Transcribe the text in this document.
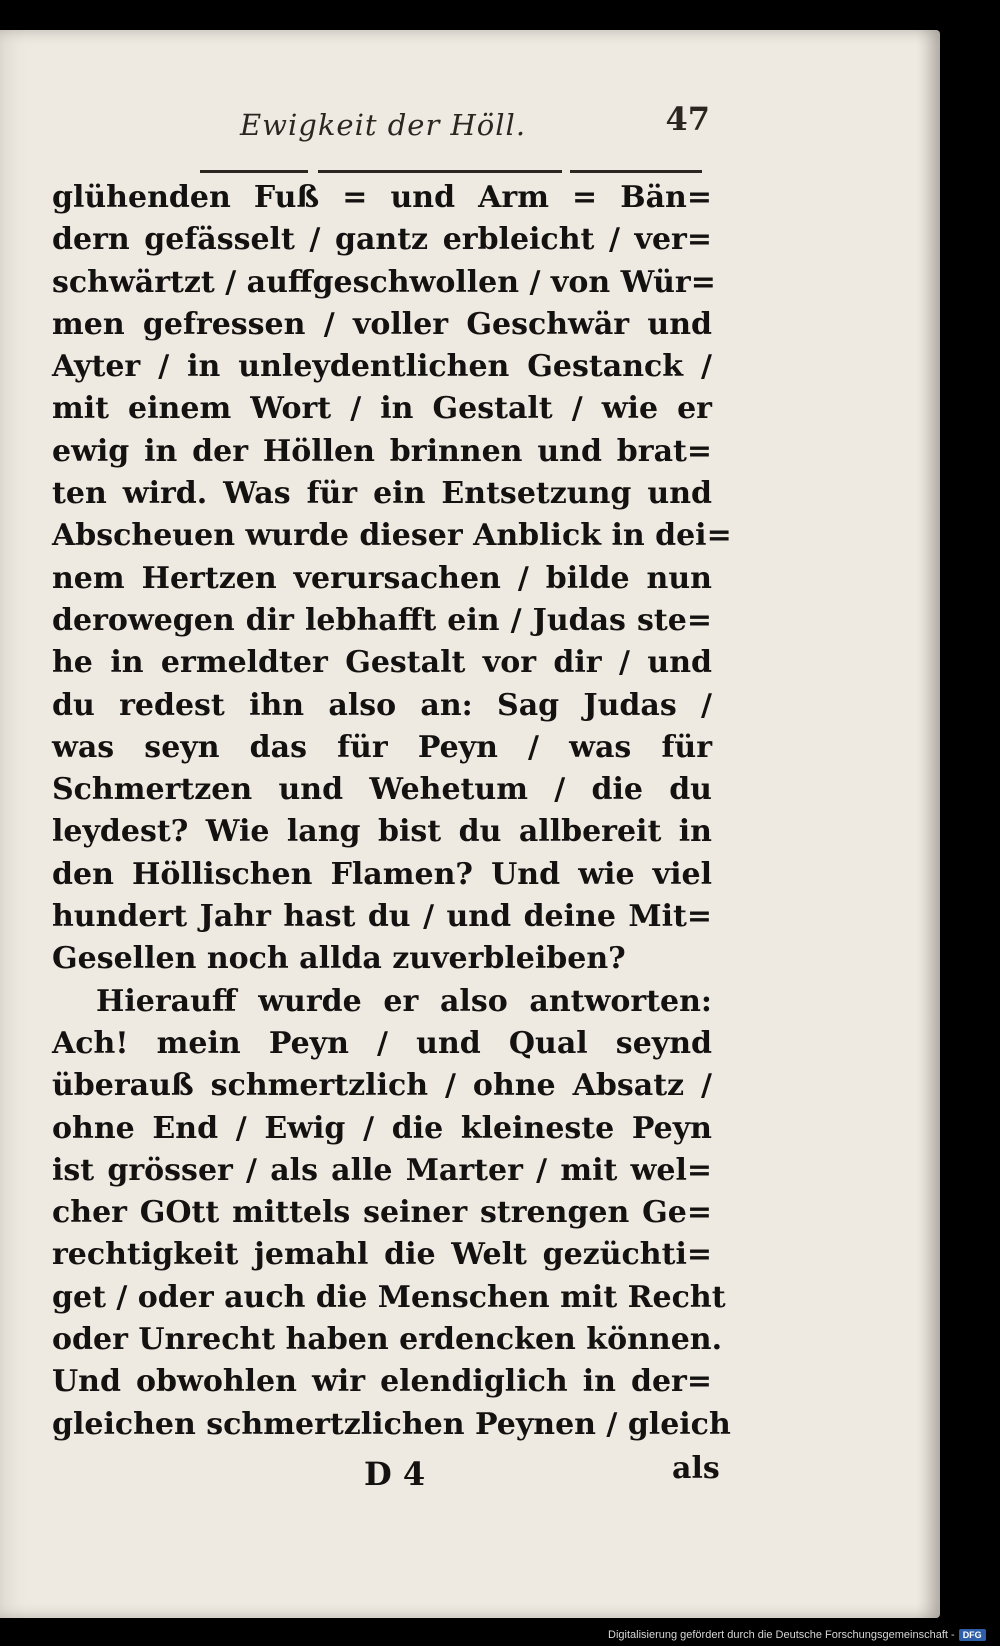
Ewigkeit der Höll.	47
glühenden Fuß = und Arm = Bän=
dern gefässelt / gantz erbleicht / ver=
schwärtzt / auffgeschwollen / von Wür=
men gefressen / voller Geschwär und
Ayter / in unleydentlichen Gestanck /
mit einem Wort / in Gestalt / wie er
ewig in der Höllen brinnen und brat=
ten wird. Was für ein Entsetzung und
Abscheuen wurde dieser Anblick in dei=
nem Hertzen verursachen / bilde nun
derowegen dir lebhafft ein / Judas ste=
he in ermeldter Gestalt vor dir / und
du redest ihn also an: Sag Judas /
was seyn das für Peyn / was für
Schmertzen und Wehetum / die du
leydest? Wie lang bist du allbereit in
den Höllischen Flamen? Und wie viel
hundert Jahr hast du / und deine Mit=
Gesellen noch allda zuverbleiben?
Hierauff wurde er also antworten:
Ach! mein Peyn / und Qual seynd
überauß schmertzlich / ohne Absatz /
ohne End / Ewig / die kleineste Peyn
ist grösser / als alle Marter / mit wel=
cher GOtt mittels seiner strengen Ge=
rechtigkeit jemahl die Welt gezüchti=
get / oder auch die Menschen mit Recht
oder Unrecht haben erdencken können.
Und obwohlen wir elendiglich in der=
gleichen schmertzlichen Peynen / gleich
D 4	als
Digitalisierung gefördert durch die Deutsche Forschungsgemeinschaft - DFG
